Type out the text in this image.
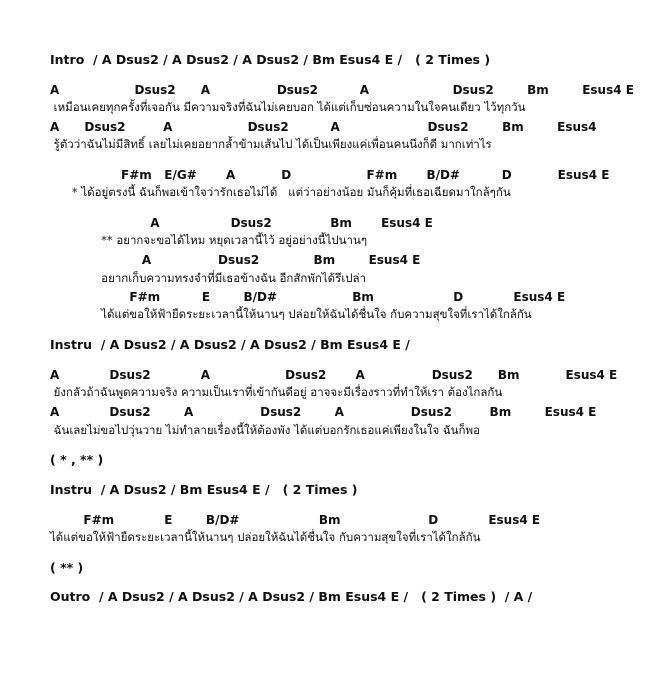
Intro  / A Dsus2 / A Dsus2 / A Dsus2 / Bm Esus4 E /   ( 2 Times )
A                  Dsus2      A                Dsus2          A                    Dsus2        Bm        Esus4 E
เหมือนเคยทุกครั้งที่เจอกัน มีความจริงที่ฉันไม่เคยบอก ได้แต่เก็บซ่อนความในใจคนเดียว ไว้ทุกวัน
A      Dsus2         A                  Dsus2          A                     Dsus2        Bm        Esus4
รู้ตัวว่าฉันไม่มีสิทธิ์ เลยไม่เคยอยากล้ำข้ามเส้นไป ได้เป็นเพียงแค่เพื่อนคนนึงก็ดี มากเท่าไร
F#m   E/G#       A           D                  F#m       B/D#          D           Esus4 E
* ได้อยู่ตรงนี้ ฉันก็พอเข้าใจว่ารักเธอไม่ได้   แต่ว่าอย่างน้อย มันก็คุ้มที่เธอเฉียดมาใกล้ๆกัน
A                 Dsus2              Bm       Esus4 E
** อยากจะขอได้ไหม หยุดเวลานี้ไว้ อยู่อย่างนี้ไปนานๆ
A                Dsus2             Bm        Esus4 E
อยากเก็บความทรงจำที่มีเธอข้างฉัน อีกสักพักได้รึเปล่า
F#m          E        B/D#                  Bm                   D            Esus4 E
ได้แต่ขอให้ฟ้ายืดระยะเวลานี้ให้นานๆ ปล่อยให้ฉันได้ชื่นใจ กับความสุขใจที่เราได้ใกล้กัน
Instru  / A Dsus2 / A Dsus2 / A Dsus2 / Bm Esus4 E /
A            Dsus2            A                  Dsus2       A                Dsus2      Bm           Esus4 E
ยังกลัวถ้าฉันพูดความจริง ความเป็นเราที่เข้ากันดีอยู่ อาจจะมีเรื่องราวที่ทำให้เรา ต้องไกลกัน
A            Dsus2        A                Dsus2        A                Dsus2         Bm        Esus4 E
ฉันเลยไม่ขอไปวุ่นวาย ไม่ทำลายเรื่องนี้ให้ต้องพัง ได้แต่บอกรักเธอแค่เพียงในใจ ฉันก็พอ
( * , ** )
Instru  / A Dsus2 / Bm Esus4 E /   ( 2 Times )
F#m            E        B/D#                   Bm                     D            Esus4 E
ได้แต่ขอให้ฟ้ายืดระยะเวลานี้ให้นานๆ ปล่อยให้ฉันได้ชื่นใจ กับความสุขใจที่เราได้ใกล้กัน
( ** )
Outro  / A Dsus2 / A Dsus2 / A Dsus2 / Bm Esus4 E /   ( 2 Times )  / A /
